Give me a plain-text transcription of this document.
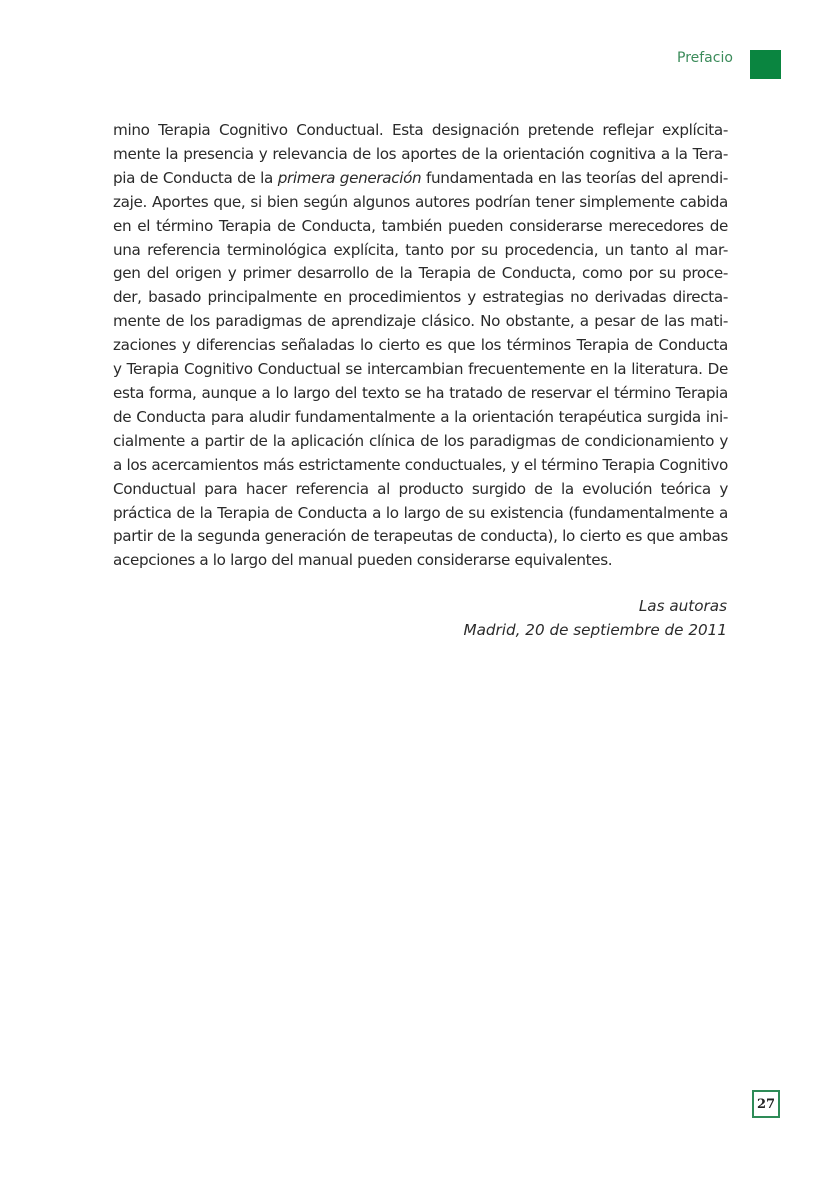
Prefacio
mino Terapia Cognitivo Conductual. Esta designación pretende reflejar explícita-
mente la presencia y relevancia de los aportes de la orientación cognitiva a la Tera-
pia de Conducta de la primera generación fundamentada en las teorías del aprendi-
zaje. Aportes que, si bien según algunos autores podrían tener simplemente cabida
en el término Terapia de Conducta, también pueden considerarse merecedores de
una referencia terminológica explícita, tanto por su procedencia, un tanto al mar-
gen del origen y primer desarrollo de la Terapia de Conducta, como por su proce-
der, basado principalmente en procedimientos y estrategias no derivadas directa-
mente de los paradigmas de aprendizaje clásico. No obstante, a pesar de las mati-
zaciones y diferencias señaladas lo cierto es que los términos Terapia de Conducta
y Terapia Cognitivo Conductual se intercambian frecuentemente en la literatura. De
esta forma, aunque a lo largo del texto se ha tratado de reservar el término Terapia
de Conducta para aludir fundamentalmente a la orientación terapéutica surgida ini-
cialmente a partir de la aplicación clínica de los paradigmas de condicionamiento y
a los acercamientos más estrictamente conductuales, y el término Terapia Cognitivo
Conductual para hacer referencia al producto surgido de la evolución teórica y
práctica de la Terapia de Conducta a lo largo de su existencia (fundamentalmente a
partir de la segunda generación de terapeutas de conducta), lo cierto es que ambas
acepciones a lo largo del manual pueden considerarse equivalentes.
Las autoras
Madrid, 20 de septiembre de 2011
27
